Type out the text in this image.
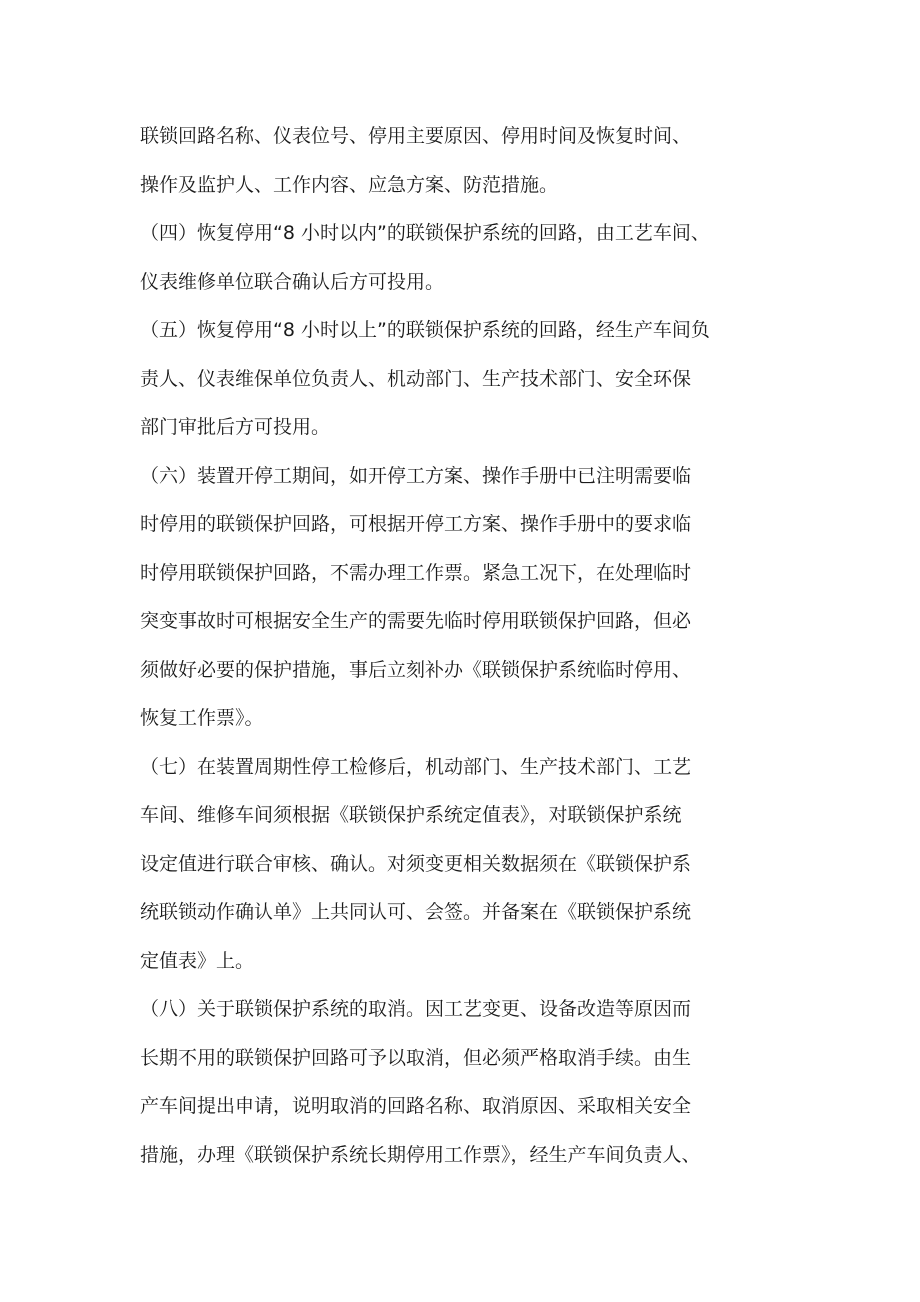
联锁回路名称、仪表位号、停用主要原因、停用时间及恢复时间、
操作及监护人、工作内容、应急方案、防范措施。
（四）恢复停用“8 小时以内”的联锁保护系统的回路，由工艺车间、
仪表维修单位联合确认后方可投用。
（五）恢复停用“8 小时以上”的联锁保护系统的回路，经生产车间负
责人、仪表维保单位负责人、机动部门、生产技术部门、安全环保
部门审批后方可投用。
（六）装置开停工期间，如开停工方案、操作手册中已注明需要临
时停用的联锁保护回路，可根据开停工方案、操作手册中的要求临
时停用联锁保护回路，不需办理工作票。紧急工况下，在处理临时
突变事故时可根据安全生产的需要先临时停用联锁保护回路，但必
须做好必要的保护措施，事后立刻补办《联锁保护系统临时停用、
恢复工作票》。
（七）在装置周期性停工检修后，机动部门、生产技术部门、工艺
车间、维修车间须根据《联锁保护系统定值表》，对联锁保护系统
设定值进行联合审核、确认。对须变更相关数据须在《联锁保护系
统联锁动作确认单》上共同认可、会签。并备案在《联锁保护系统
定值表》上。
（八）关于联锁保护系统的取消。因工艺变更、设备改造等原因而
长期不用的联锁保护回路可予以取消，但必须严格取消手续。由生
产车间提出申请，说明取消的回路名称、取消原因、采取相关安全
措施，办理《联锁保护系统长期停用工作票》，经生产车间负责人、
